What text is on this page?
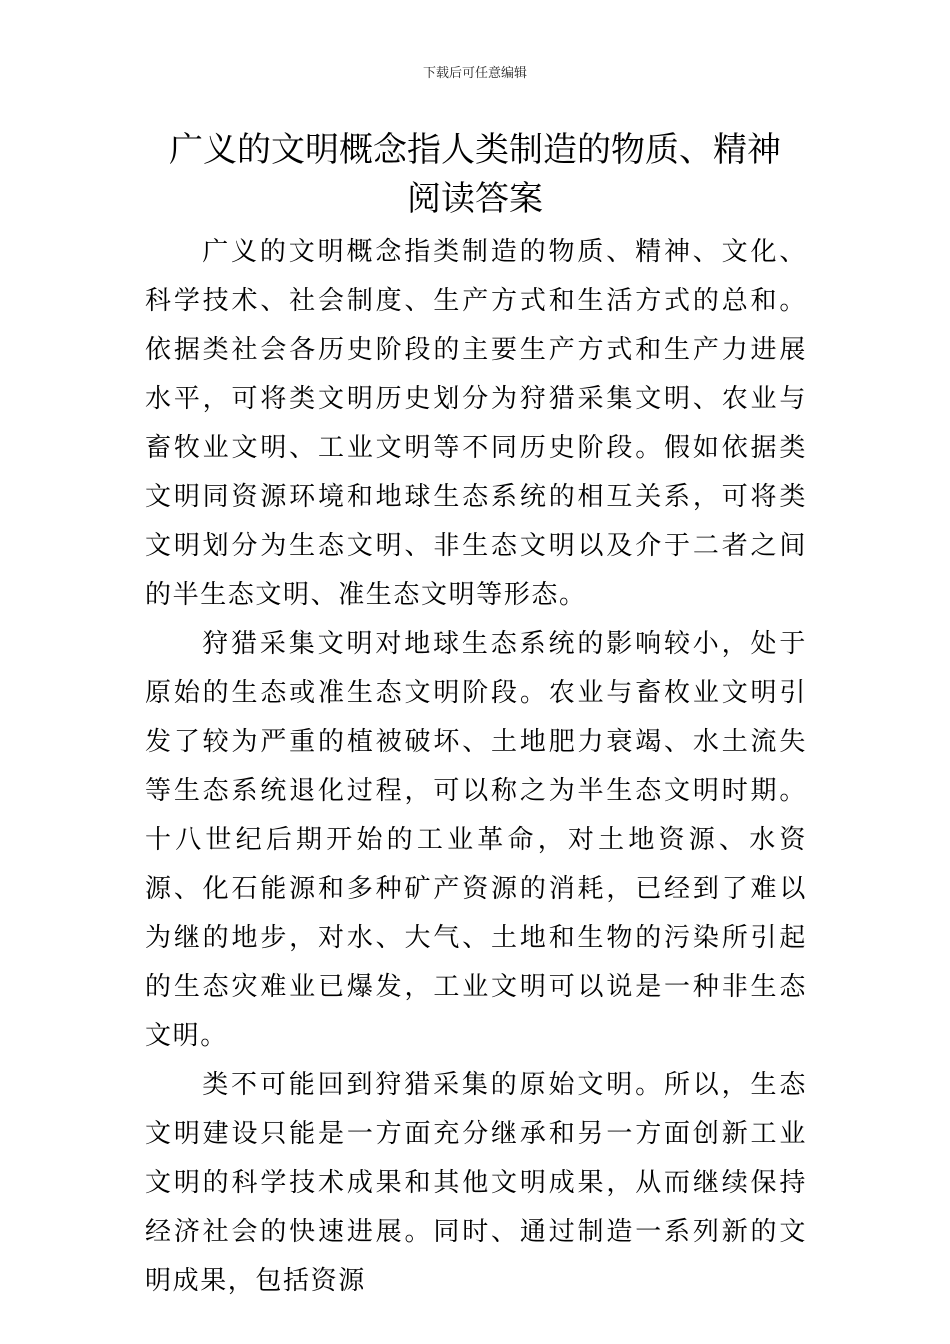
下载后可任意编辑
广义的文明概念指人类制造的物质、精神
阅读答案

广义的文明概念指类制造的物质、精神、文化、科学技术、社会制度、生产方式和生活方式的总和。依据类社会各历史阶段的主要生产方式和生产力进展水平，可将类文明历史划分为狩猎采集文明、农业与畜牧业文明、工业文明等不同历史阶段。假如依据类文明同资源环境和地球生态系统的相互关系，可将类文明划分为生态文明、非生态文明以及介于二者之间的半生态文明、准生态文明等形态。

狩猎采集文明对地球生态系统的影响较小，处于原始的生态或准生态文明阶段。农业与畜枚业文明引发了较为严重的植被破坏、土地肥力衰竭、水土流失等生态系统退化过程，可以称之为半生态文明时期。十八世纪后期开始的工业革命，对土地资源、水资源、化石能源和多种矿产资源的消耗，已经到了难以为继的地步，对水、大气、土地和生物的污染所引起的生态灾难业已爆发，工业文明可以说是一种非生态文明。

类不可能回到狩猎采集的原始文明。所以，生态文明建设只能是一方面充分继承和另一方面创新工业文明的科学技术成果和其他文明成果，从而继续保持经济社会的快速进展。同时、通过制造一系列新的文明成果，包括资源
